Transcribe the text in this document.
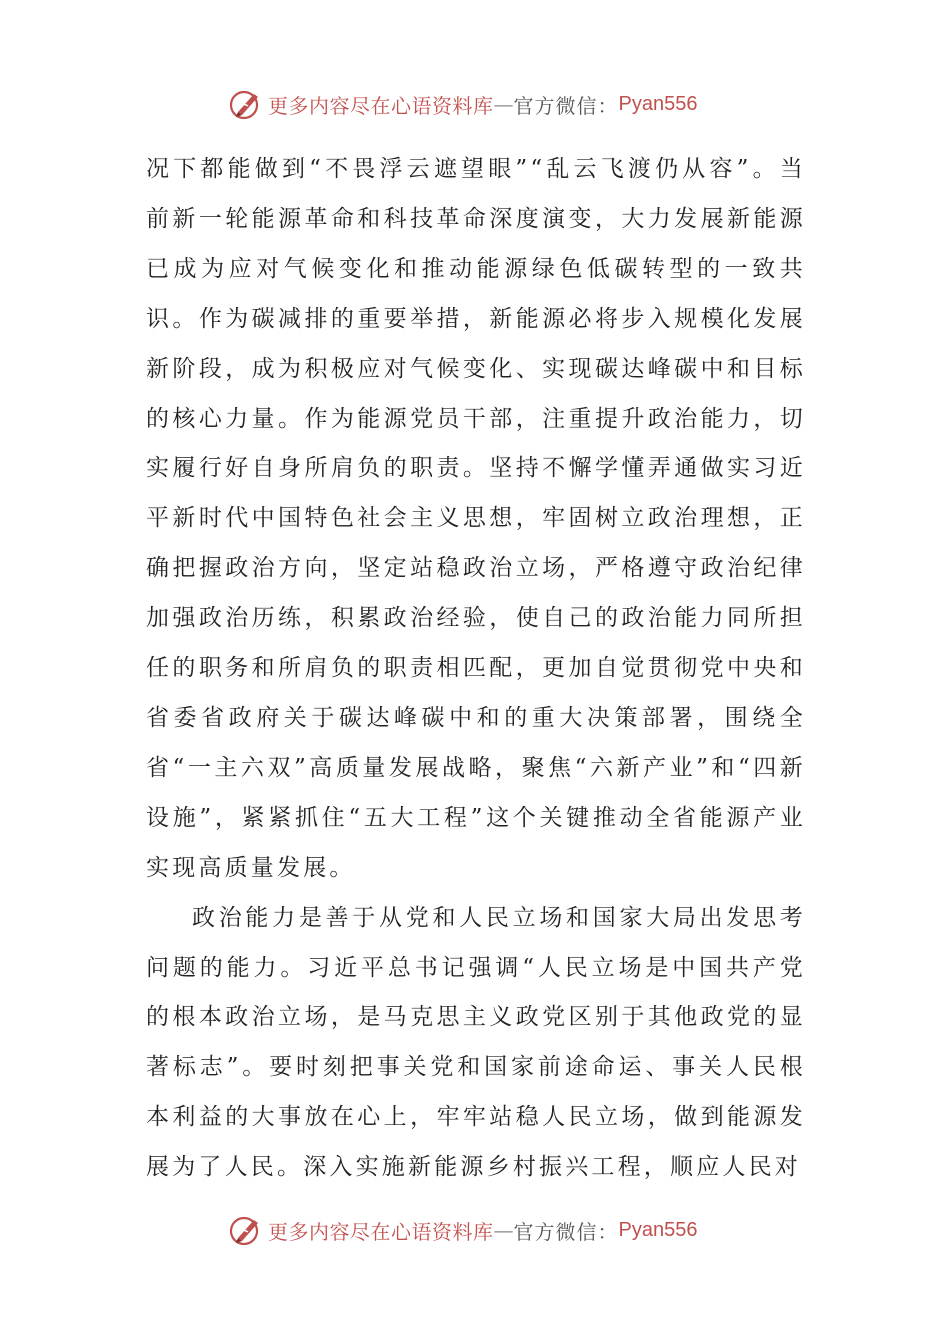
更多内容尽在心语资料库 — 官方微信： Pyan556

况下都能做到“不畏浮云遮望眼”“乱云飞渡仍从容”。当前新一轮能源革命和科技革命深度演变，大力发展新能源已成为应对气候变化和推动能源绿色低碳转型的一致共识。作为碳减排的重要举措，新能源必将步入规模化发展新阶段，成为积极应对气候变化、实现碳达峰碳中和目标的核心力量。作为能源党员干部，注重提升政治能力，切实履行好自身所肩负的职责。坚持不懈学懂弄通做实习近平新时代中国特色社会主义思想，牢固树立政治理想，正确把握政治方向，坚定站稳政治立场，严格遵守政治纪律加强政治历练，积累政治经验，使自己的政治能力同所担任的职务和所肩负的职责相匹配，更加自觉贯彻党中央和省委省政府关于碳达峰碳中和的重大决策部署，围绕全省“一主六双”高质量发展战略，聚焦“六新产业”和“四新设施”，紧紧抓住“五大工程”这个关键推动全省能源产业实现高质量发展。

政治能力是善于从党和人民立场和国家大局出发思考问题的能力。习近平总书记强调“人民立场是中国共产党的根本政治立场，是马克思主义政党区别于其他政党的显著标志”。要时刻把事关党和国家前途命运、事关人民根本利益的大事放在心上，牢牢站稳人民立场，做到能源发展为了人民。深入实施新能源乡村振兴工程，顺应人民对

更多内容尽在心语资料库 — 官方微信： Pyan556
